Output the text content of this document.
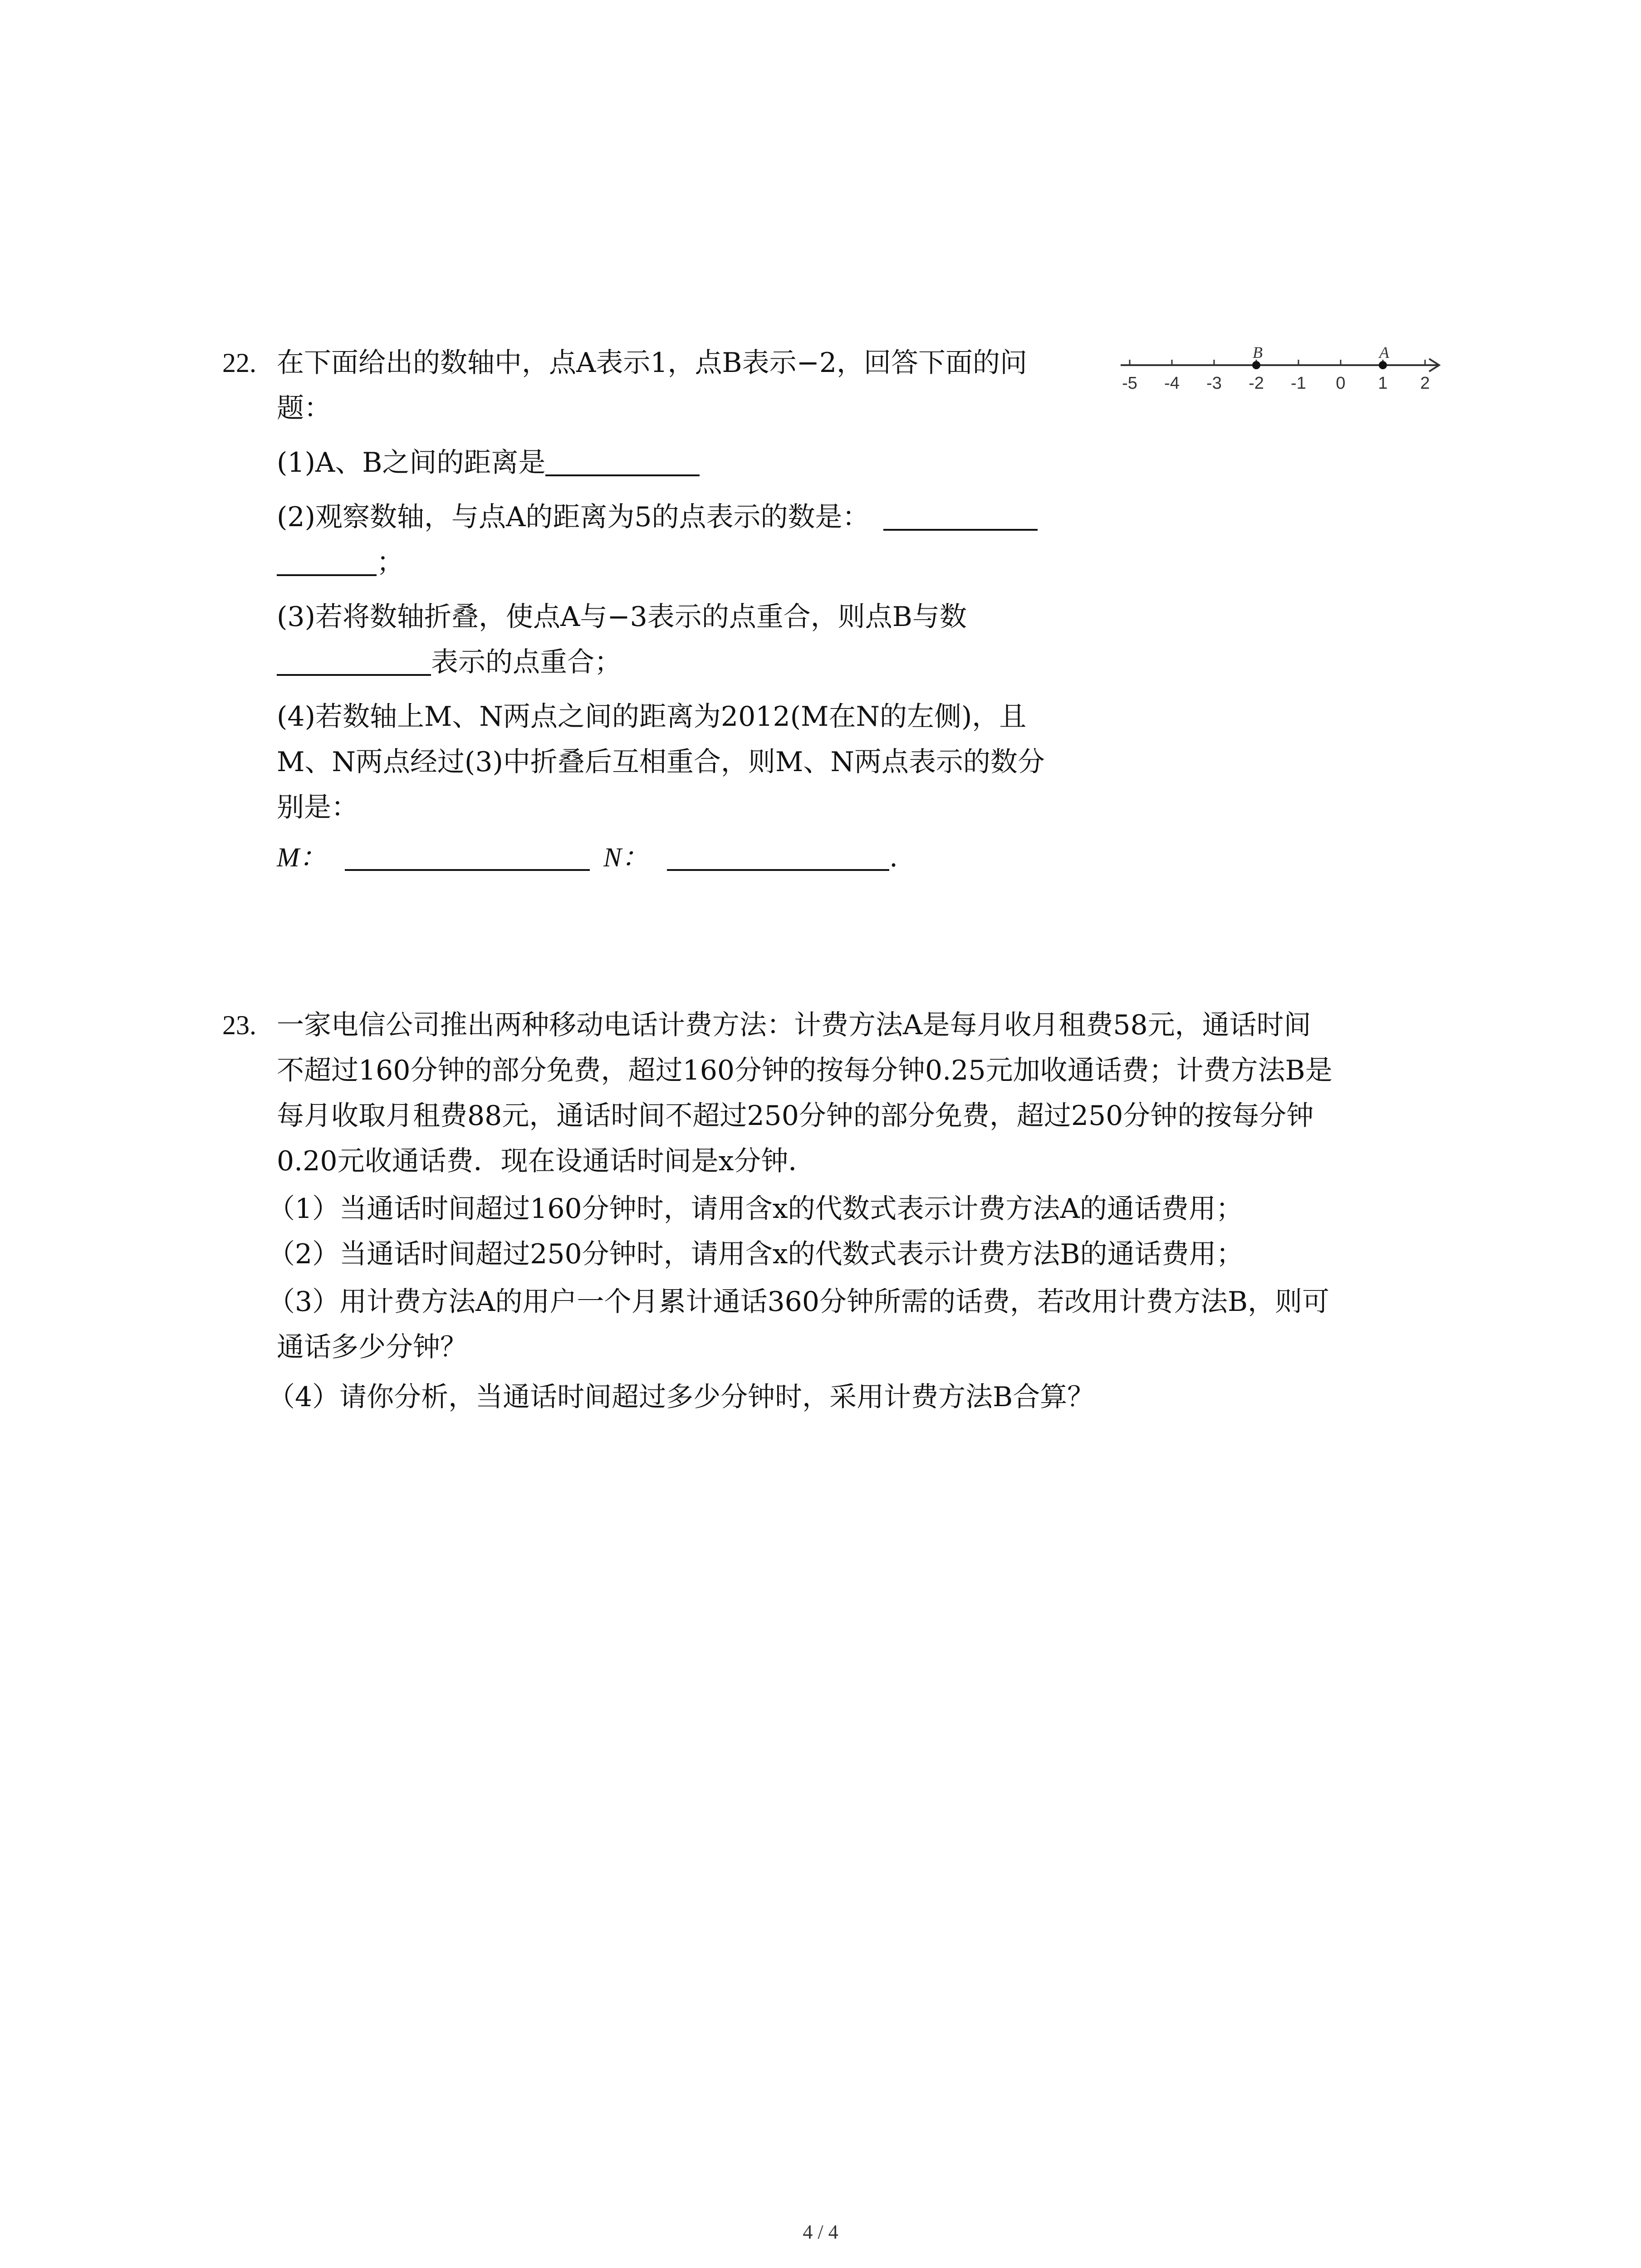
22. 在下面给出的数轴中，点A表示1，点B表示−2，回答下面的问
题：
(1)A、B之间的距离是
(2)观察数轴，与点A的距离为5的点表示的数是：
；
(3)若将数轴折叠，使点A与−3表示的点重合，则点B与数
表示的点重合；
(4)若数轴上M、N两点之间的距离为2012(M在N的左侧)，且
M、N两点经过(3)中折叠后互相重合，则M、N两点表示的数分
别是：
M：	N：	.
-5 -4 -3 -2 -1 0 1 2
B	A
23. 一家电信公司推出两种移动电话计费方法：计费方法A是每月收月租费58元，通话时间
不超过160分钟的部分免费，超过160分钟的按每分钟0.25元加收通话费；计费方法B是
每月收取月租费88元，通话时间不超过250分钟的部分免费，超过250分钟的按每分钟
0.20元收通话费．现在设通话时间是x分钟．
（1）当通话时间超过160分钟时，请用含x的代数式表示计费方法A的通话费用；
（2）当通话时间超过250分钟时，请用含x的代数式表示计费方法B的通话费用；
（3）用计费方法A的用户一个月累计通话360分钟所需的话费，若改用计费方法B，则可
通话多少分钟？
（4）请你分析，当通话时间超过多少分钟时，采用计费方法B合算？
4 / 4
